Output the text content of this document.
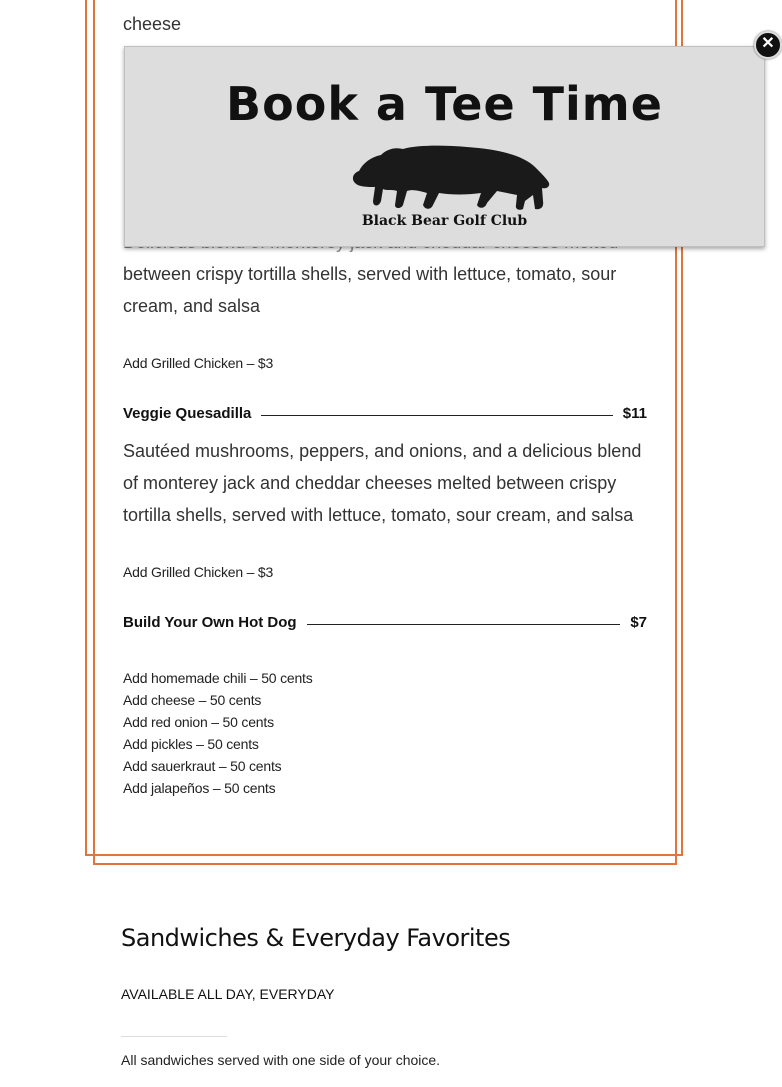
cheese
between crispy tortilla shells, served with lettuce, tomato, sour
cream, and salsa
Add Grilled Chicken – $3
Veggie Quesadilla	$11
Sautéed mushrooms, peppers, and onions, and a delicious blend
of monterey jack and cheddar cheeses melted between crispy
tortilla shells, served with lettuce, tomato, sour cream, and salsa
Add Grilled Chicken – $3
Build Your Own Hot Dog	$7
Add homemade chili – 50 cents
Add cheese – 50 cents
Add red onion – 50 cents
Add pickles – 50 cents
Add sauerkraut – 50 cents
Add jalapeños – 50 cents
Book a Tee Time
Black Bear Golf Club
✕
Sandwiches & Everyday Favorites
AVAILABLE ALL DAY, EVERYDAY
All sandwiches served with one side of your choice.
